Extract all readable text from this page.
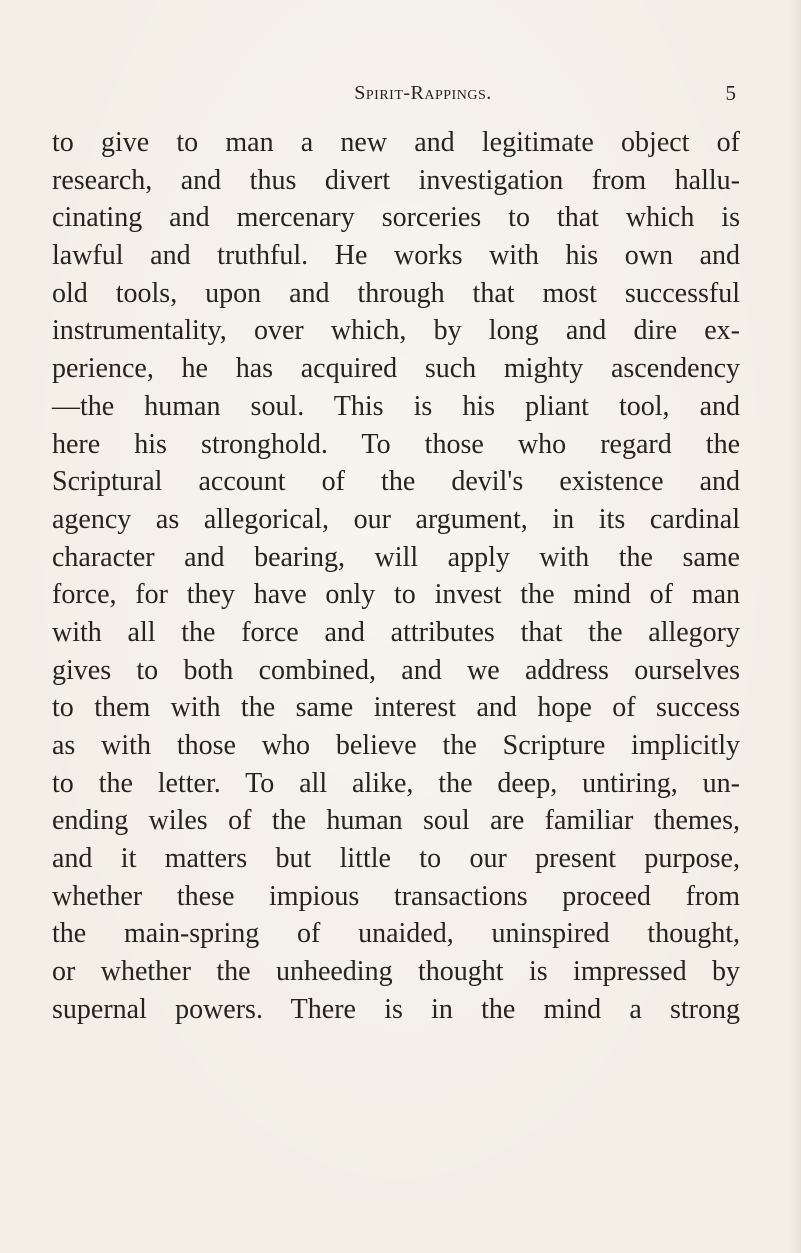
Spirit-Rappings.	5
to give to man a new and legitimate object of
research, and thus divert investigation from hallu-
cinating and mercenary sorceries to that which is
lawful and truthful. He works with his own and
old tools, upon and through that most successful
instrumentality, over which, by long and dire ex-
perience, he has acquired such mighty ascendency
—the human soul. This is his pliant tool, and
here his stronghold. To those who regard the
Scriptural account of the devil's existence and
agency as allegorical, our argument, in its cardinal
character and bearing, will apply with the same
force, for they have only to invest the mind of man
with all the force and attributes that the allegory
gives to both combined, and we address ourselves
to them with the same interest and hope of success
as with those who believe the Scripture implicitly
to the letter. To all alike, the deep, untiring, un-
ending wiles of the human soul are familiar themes,
and it matters but little to our present purpose,
whether these impious transactions proceed from
the main-spring of unaided, uninspired thought,
or whether the unheeding thought is impressed by
supernal powers. There is in the mind a strong
